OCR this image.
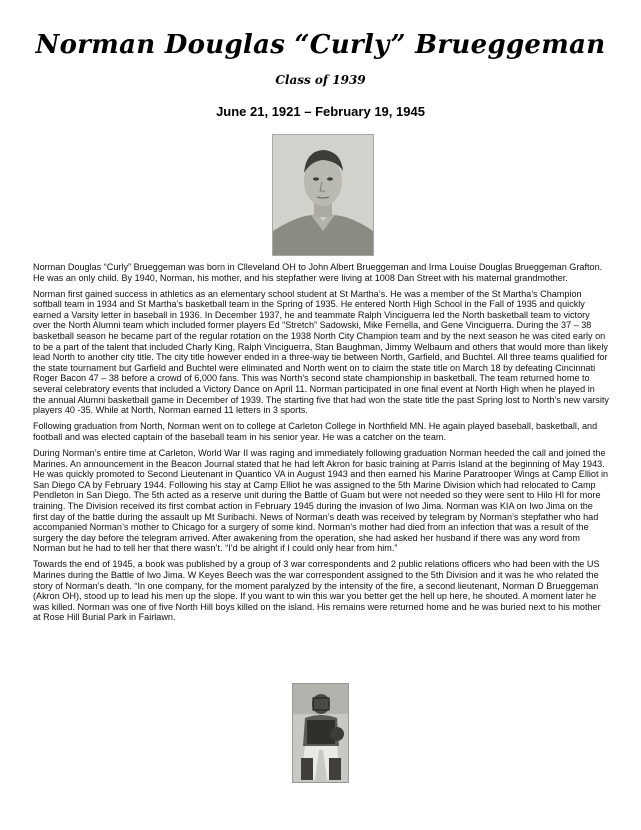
Norman Douglas “Curly” Brueggeman
Class of 1939
June 21, 1921 – February 19, 1945

Norman Douglas “Curly” Brueggeman was born in Clleveland OH to John Albert Brueggeman and Irma Louise Douglas Brueggeman Grafton. He was an only child. By 1940, Norman, his mother, and his stepfather were living at 1008 Dan Street with his maternal grandmother.

Norman first gained success in athletics as an elementary school student at St Martha’s. He was a member of the St Martha’s Champion softball team in 1934 and St Martha’s basketball team in the Spring of 1935. He entered North High School in the Fall of 1935 and quickly earned a Varsity letter in baseball in 1936. In December 1937, he and teammate Ralph Vinciguerra led the North basketball team to victory over the North Alumni team which included former players Ed “Stretch” Sadowski, Mike Fernella, and Gene Vinciguerra. During the 37 – 38 basketball season he became part of the regular rotation on the 1938 North City Champion team and by the next season he was cited early on to be a part of the talent that included Charly King, Ralph Vinciguerra, Stan Baughman, Jimmy Welbaum and others that would more than likely lead North to another city title. The city title however ended in a three-way tie between North, Garfield, and Buchtel. All three teams qualified for the state tournament but Garfield and Buchtel were eliminated and North went on to claim the state title on March 18 by defeating Cincinnati Roger Bacon 47 – 38 before a crowd of 6,000 fans. This was North’s second state championship in basketball. The team returned home to several celebratory events that included a Victory Dance on April 11. Norman participated in one final event at North High when he played in the annual Alumni basketball game in December of 1939. The starting five that had won the state title the past Spring lost to North’s new varsity players 40 -35. While at North, Norman earned 11 letters in 3 sports.

Following graduation from North, Norman went on to college at Carleton College in Northfield MN. He again played baseball, basketball, and football and was elected captain of the baseball team in his senior year. He was a catcher on the team.

During Norman’s entire time at Carleton, World War II was raging and immediately following graduation Norman heeded the call and joined the Marines. An announcement in the Beacon Journal stated that he had left Akron for basic training at Parris Island at the beginning of May 1943. He was quickly promoted to Second Lieutenant in Quantico VA in August 1943 and then earned his Marine Paratrooper Wings at Camp Elliot in San Diego CA by February 1944. Following his stay at Camp Elliot he was assigned to the 5th Marine Division which had relocated to Camp Pendleton in San Diego. The 5th acted as a reserve unit during the Battle of Guam but were not needed so they were sent to Hilo HI for more training. The Division received its first combat action in February 1945 during the invasion of Iwo Jima. Norman was KIA on Iwo Jima on the first day of the battle during the assault up Mt Suribachi. News of Norman’s death was received by telegram by Norman’s stepfather who had accompanied Norman’s mother to Chicago for a surgery of some kind. Norman’s mother had died from an infection that was a result of the surgery the day before the telegram arrived. After awakening from the operation, she had asked her husband if there was any word from Norman but he had to tell her that there wasn’t. “I’d be alright if I could only hear from him.”

Towards the end of 1945, a book was published by a group of 3 war correspondents and 2 public relations officers who had been with the US Marines during the Battle of Iwo Jima. W Keyes Beech was the war correspondent assigned to the 5th Division and it was he who related the story of Norman’s death. “In one company, for the moment paralyzed by the intensity of the fire, a second lieutenant, Norman D Brueggeman (Akron OH), stood up to lead his men up the slope. If you want to win this war you better get the hell up here, he shouted. A moment later he was killed. Norman was one of five North Hill boys killed on the island. His remains were returned home and he was buried next to his mother at Rose Hill Burial Park in Fairlawn.
